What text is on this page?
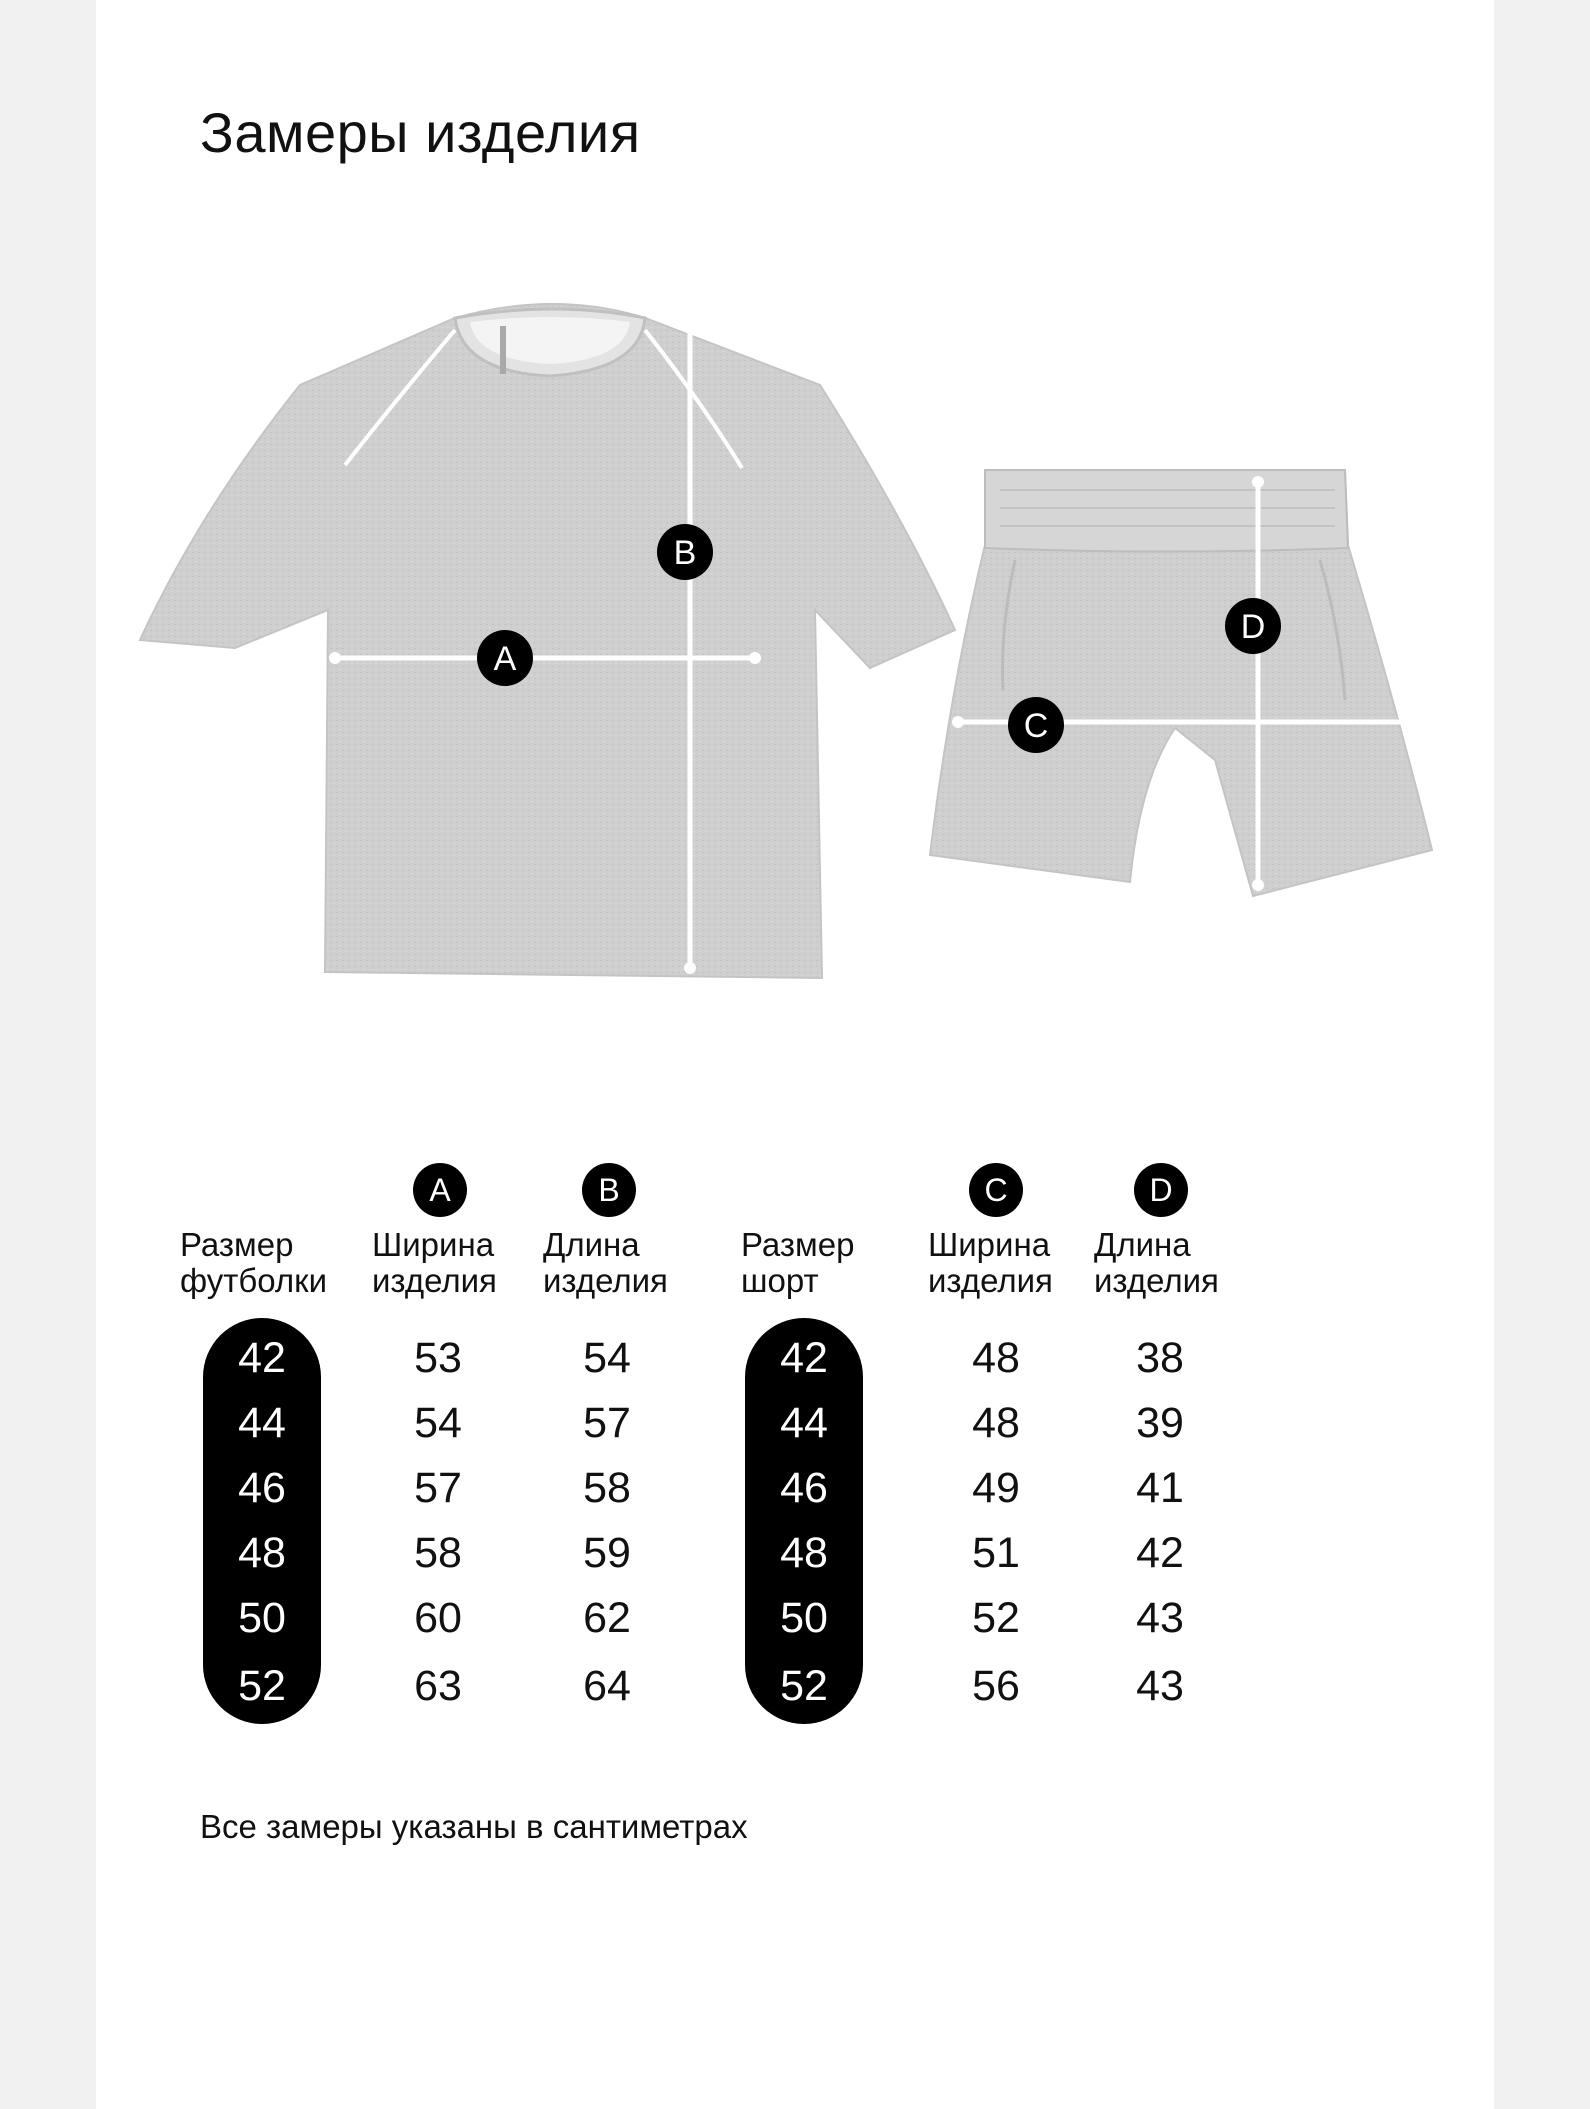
Замеры изделия
A
B
C
D
A	B
Размер
футболки
Ширина
изделия
Длина
изделия
42	53	54
44	54	57
46	57	58
48	58	59
50	60	62
52	63	64
C	D
Размер
шорт
Ширина
изделия
Длина
изделия
42	48	38
44	48	39
46	49	41
48	51	42
50	52	43
52	56	43
Все замеры указаны в сантиметрах
